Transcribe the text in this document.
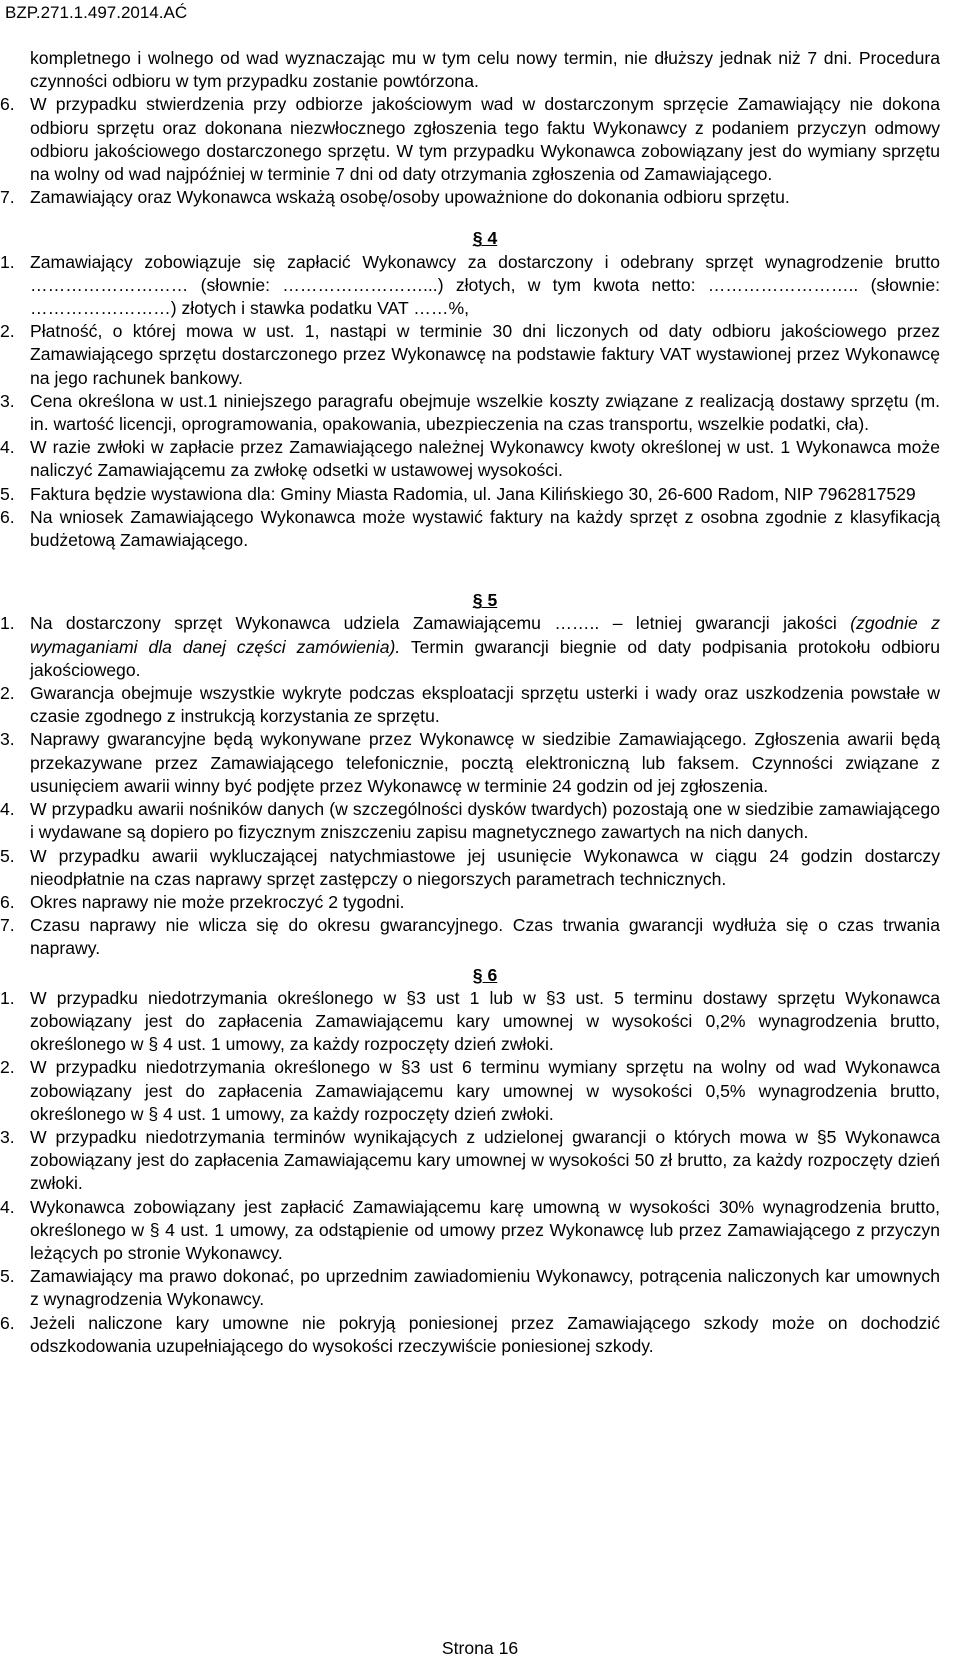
BZP.271.1.497.2014.AĆ
kompletnego i wolnego od wad wyznaczając mu w tym celu nowy termin, nie dłuższy jednak niż 7 dni. Procedura czynności odbioru w tym przypadku zostanie powtórzona.
6. W przypadku stwierdzenia przy odbiorze jakościowym wad w dostarczonym sprzęcie Zamawiający nie dokona odbioru sprzętu oraz dokonana niezwłocznego zgłoszenia tego faktu Wykonawcy z podaniem przyczyn odmowy odbioru jakościowego dostarczonego sprzętu. W tym przypadku Wykonawca zobowiązany jest do wymiany sprzętu na wolny od wad najpóźniej w terminie 7 dni od daty otrzymania zgłoszenia od Zamawiającego.
7. Zamawiający oraz Wykonawca wskażą osobę/osoby upoważnione do dokonania odbioru sprzętu.
§ 4
1. Zamawiający zobowiązuje się zapłacić Wykonawcy za dostarczony i odebrany sprzęt wynagrodzenie brutto ……………………… (słownie: ……………………...) złotych, w tym kwota netto: …………………….. (słownie: ……………………) złotych i stawka podatku VAT ……%,
2. Płatność, o której mowa w ust. 1, nastąpi w terminie 30 dni liczonych od daty odbioru jakościowego przez Zamawiającego sprzętu dostarczonego przez Wykonawcę na podstawie faktury VAT wystawionej przez Wykonawcę na jego rachunek bankowy.
3. Cena określona w ust.1 niniejszego paragrafu obejmuje wszelkie koszty związane z realizacją dostawy sprzętu (m. in. wartość licencji, oprogramowania, opakowania, ubezpieczenia na czas transportu, wszelkie podatki, cła).
4. W razie zwłoki w zapłacie przez Zamawiającego należnej Wykonawcy kwoty określonej w ust. 1 Wykonawca może naliczyć Zamawiającemu za zwłokę odsetki w ustawowej wysokości.
5. Faktura będzie wystawiona dla: Gminy Miasta Radomia, ul. Jana Kilińskiego 30, 26-600 Radom, NIP 7962817529
6. Na wniosek Zamawiającego Wykonawca może wystawić faktury na każdy sprzęt z osobna zgodnie z klasyfikacją budżetową Zamawiającego.
§ 5
1. Na dostarczony sprzęt Wykonawca udziela Zamawiającemu …….. – letniej gwarancji jakości (zgodnie z wymaganiami dla danej części zamówienia). Termin gwarancji biegnie od daty podpisania protokołu odbioru jakościowego.
2. Gwarancja obejmuje wszystkie wykryte podczas eksploatacji sprzętu usterki i wady oraz uszkodzenia powstałe w czasie zgodnego z instrukcją korzystania ze sprzętu.
3. Naprawy gwarancyjne będą wykonywane przez Wykonawcę w siedzibie Zamawiającego. Zgłoszenia awarii będą przekazywane przez Zamawiającego telefonicznie, pocztą elektroniczną lub faksem. Czynności związane z usunięciem awarii winny być podjęte przez Wykonawcę w terminie 24 godzin od jej zgłoszenia.
4. W przypadku awarii nośników danych (w szczególności dysków twardych) pozostają one w siedzibie zamawiającego i wydawane są dopiero po fizycznym zniszczeniu zapisu magnetycznego zawartych na nich danych.
5. W przypadku awarii wykluczającej natychmiastowe jej usunięcie Wykonawca w ciągu 24 godzin dostarczy nieodpłatnie na czas naprawy sprzęt zastępczy o niegorszych parametrach technicznych.
6. Okres naprawy nie może przekroczyć 2 tygodni.
7. Czasu naprawy nie wlicza się do okresu gwarancyjnego. Czas trwania gwarancji wydłuża się o czas trwania naprawy.
§ 6
1. W przypadku niedotrzymania określonego w §3 ust 1 lub w §3 ust. 5 terminu dostawy sprzętu Wykonawca zobowiązany jest do zapłacenia Zamawiającemu kary umownej w wysokości 0,2% wynagrodzenia brutto, określonego w § 4 ust. 1 umowy, za każdy rozpoczęty dzień zwłoki.
2. W przypadku niedotrzymania określonego w §3 ust 6 terminu wymiany sprzętu na wolny od wad Wykonawca zobowiązany jest do zapłacenia Zamawiającemu kary umownej w wysokości 0,5% wynagrodzenia brutto, określonego w § 4 ust. 1 umowy, za każdy rozpoczęty dzień zwłoki.
3. W przypadku niedotrzymania terminów wynikających z udzielonej gwarancji o których mowa w §5 Wykonawca zobowiązany jest do zapłacenia Zamawiającemu kary umownej w wysokości 50 zł brutto, za każdy rozpoczęty dzień zwłoki.
4. Wykonawca zobowiązany jest zapłacić Zamawiającemu karę umowną w wysokości 30% wynagrodzenia brutto, określonego w § 4 ust. 1 umowy, za odstąpienie od umowy przez Wykonawcę lub przez Zamawiającego z przyczyn leżących po stronie Wykonawcy.
5. Zamawiający ma prawo dokonać, po uprzednim zawiadomieniu Wykonawcy, potrącenia naliczonych kar umownych z wynagrodzenia Wykonawcy.
6. Jeżeli naliczone kary umowne nie pokryją poniesionej przez Zamawiającego szkody może on dochodzić odszkodowania uzupełniającego do wysokości rzeczywiście poniesionej szkody.
Strona 16
